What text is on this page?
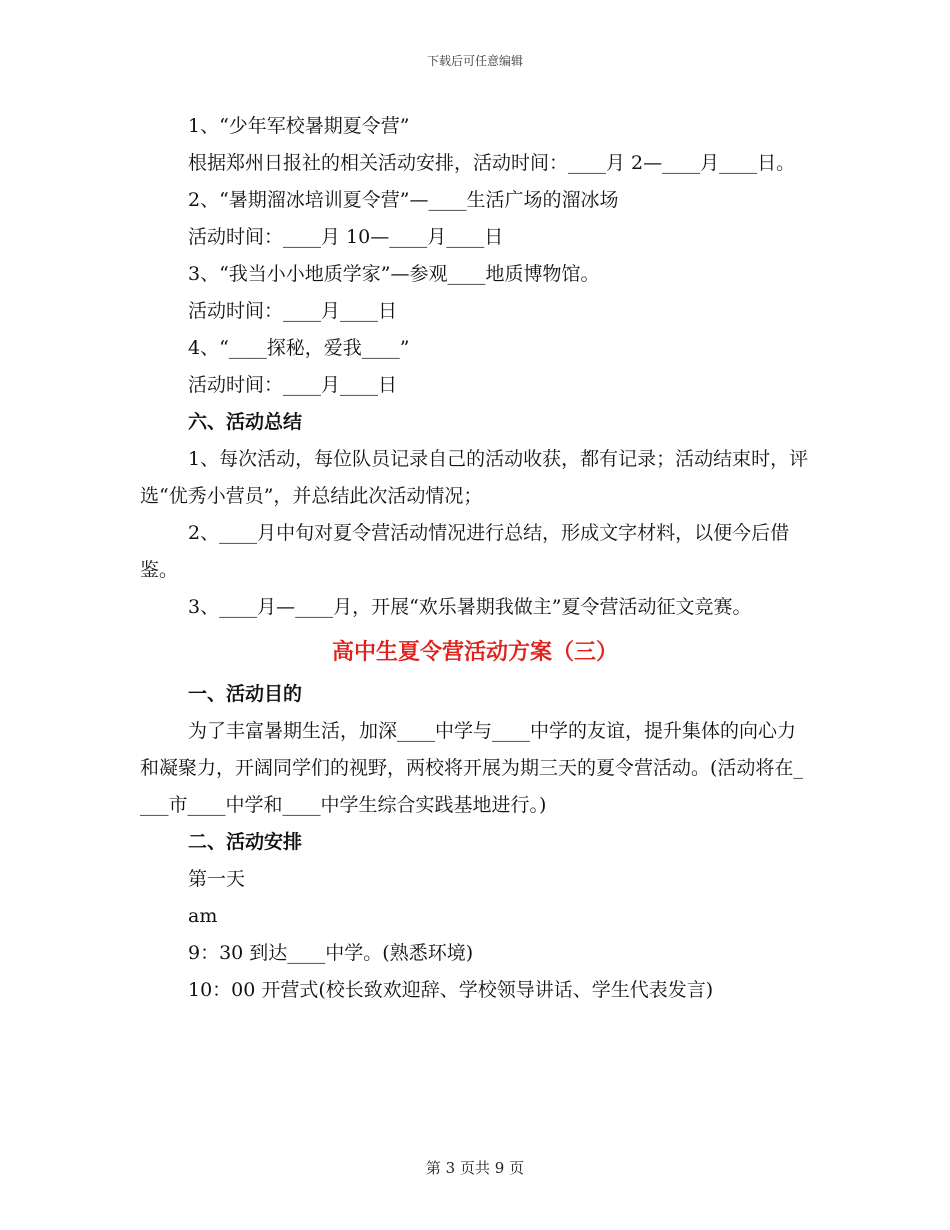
下载后可任意编辑

1、“少年军校暑期夏令营”

根据郑州日报社的相关活动安排，活动时间：____月 2—____月____日。

2、“暑期溜冰培训夏令营”—____生活广场的溜冰场

活动时间：____月 10—____月____日

3、“我当小小地质学家”—参观____地质博物馆。

活动时间：____月____日

4、“____探秘，爱我____”

活动时间：____月____日

六、活动总结

1、每次活动，每位队员记录自己的活动收获，都有记录；活动结束时，评选“优秀小营员”，并总结此次活动情况；

2、____月中旬对夏令营活动情况进行总结，形成文字材料，以便今后借鉴。

3、____月—____月，开展“欢乐暑期我做主”夏令营活动征文竞赛。

高中生夏令营活动方案（三）

一、活动目的

为了丰富暑期生活，加深____中学与____中学的友谊，提升集体的向心力和凝聚力，开阔同学们的视野，两校将开展为期三天的夏令营活动。(活动将在____市____中学和____中学生综合实践基地进行。)

二、活动安排

第一天

am

9：30 到达____中学。(熟悉环境)

10：00 开营式(校长致欢迎辞、学校领导讲话、学生代表发言)

第 3 页共 9 页
